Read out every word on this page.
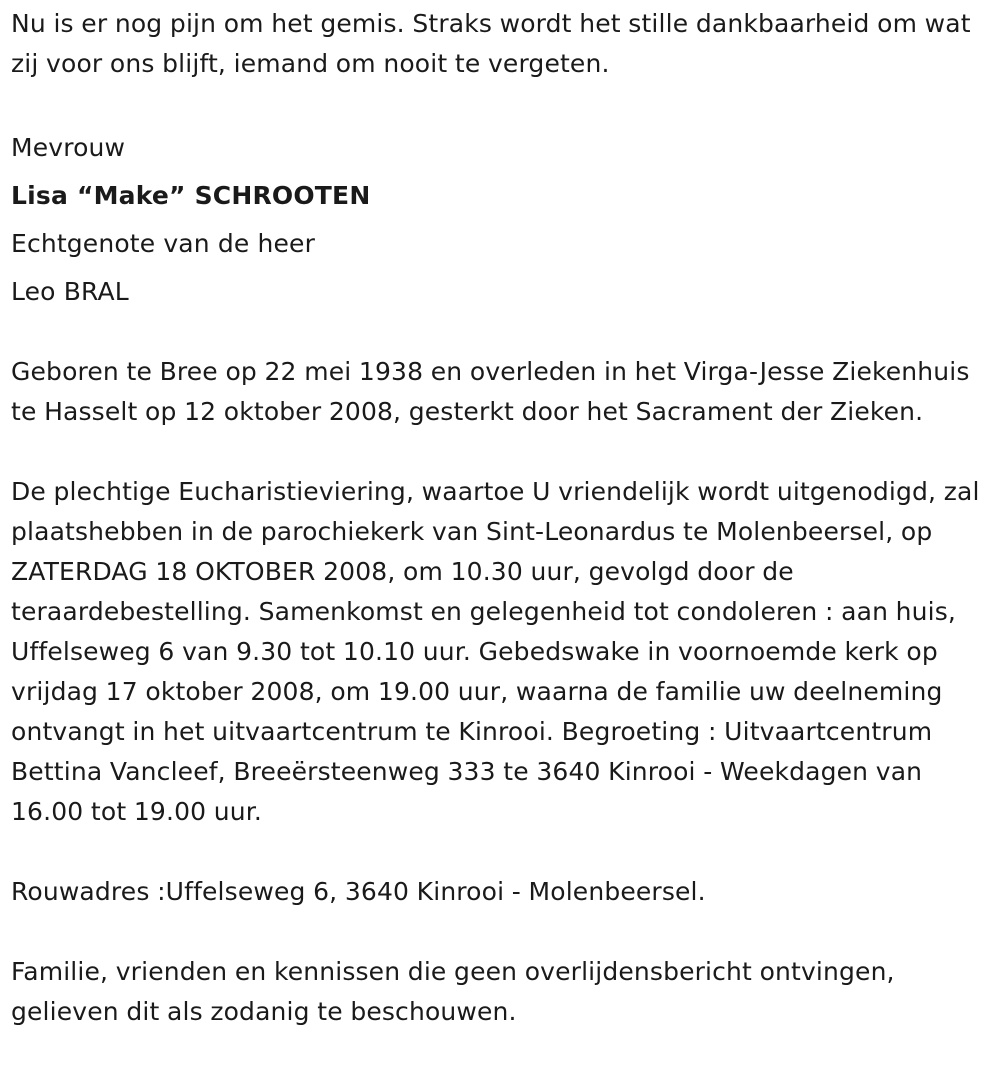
Nu is er nog pijn om het gemis. Straks wordt het stille dankbaarheid om wat zij voor ons blijft, iemand om nooit te vergeten.

Mevrouw

Lisa “Make” SCHROOTEN

Echtgenote van de heer

Leo BRAL

Geboren te Bree op 22 mei 1938 en overleden in het Virga-Jesse Ziekenhuis te Hasselt op 12 oktober 2008, gesterkt door het Sacrament der Zieken.

De plechtige Eucharistieviering, waartoe U vriendelijk wordt uitgenodigd, zal plaatshebben in de parochiekerk van Sint-Leonardus te Molenbeersel, op ZATERDAG 18 OKTOBER 2008, om 10.30 uur, gevolgd door de teraardebestelling. Samenkomst en gelegenheid tot condoleren : aan huis, Uffelseweg 6 van 9.30 tot 10.10 uur. Gebedswake in voornoemde kerk op vrijdag 17 oktober 2008, om 19.00 uur, waarna de familie uw deelneming ontvangt in het uitvaartcentrum te Kinrooi. Begroeting : Uitvaartcentrum Bettina Vancleef, Breeërsteenweg 333 te 3640 Kinrooi - Weekdagen van 16.00 tot 19.00 uur.

Rouwadres :Uffelseweg 6, 3640 Kinrooi - Molenbeersel.

Familie, vrienden en kennissen die geen overlijdensbericht ontvingen, gelieven dit als zodanig te beschouwen.
